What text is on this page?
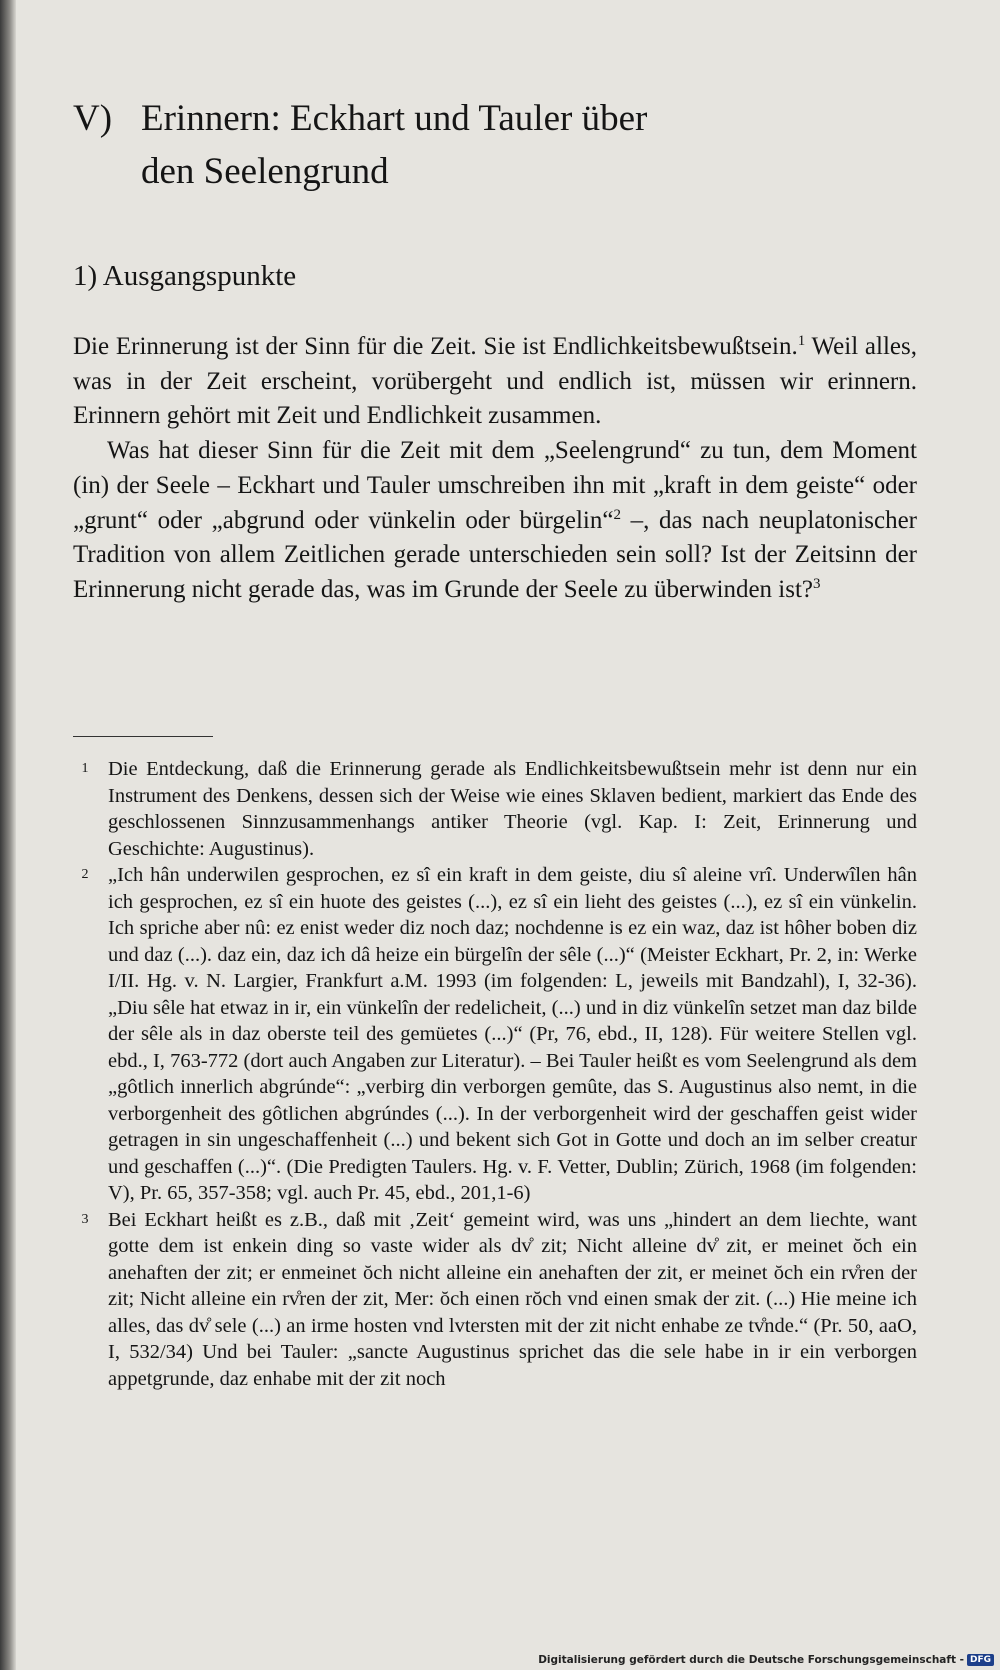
V) Erinnern: Eckhart und Tauler über
den Seelengrund
1) Ausgangspunkte

Die Erinnerung ist der Sinn für die Zeit. Sie ist Endlichkeitsbewußtsein.$^1$ Weil alles, was in der Zeit erscheint, vorübergeht und endlich ist, müssen wir erinnern. Erinnern gehört mit Zeit und Endlichkeit zusammen.

Was hat dieser Sinn für die Zeit mit dem „Seelengrund“ zu tun, dem Moment (in) der Seele – Eckhart und Tauler umschreiben ihn mit „kraft in dem geiste“ oder „grunt“ oder „abgrund oder vünkelin oder bürgelin“$^2$ –, das nach neuplatonischer Tradition von allem Zeitlichen gerade unterschieden sein soll? Ist der Zeitsinn der Erinnerung nicht gerade das, was im Grunde der Seele zu überwinden ist?$^3$

1 Die Entdeckung, daß die Erinnerung gerade als Endlichkeitsbewußtsein mehr ist denn nur ein Instrument des Denkens, dessen sich der Weise wie eines Sklaven bedient, markiert das Ende des geschlossenen Sinnzusammenhangs antiker Theorie (vgl. Kap. I: Zeit, Erinnerung und Geschichte: Augustinus).
2 „Ich hân underwilen gesprochen, ez sî ein kraft in dem geiste, diu sî aleine vrî. Underwîlen hân ich gesprochen, ez sî ein huote des geistes (...), ez sî ein lieht des geistes (...), ez sî ein vünkelin. Ich spriche aber nû: ez enist weder diz noch daz; nochdenne is ez ein waz, daz ist hôher boben diz und daz (...). daz ein, daz ich dâ heize ein bürgelîn der sêle (...)“ (Meister Eckhart, Pr. 2, in: Werke I/II. Hg. v. N. Largier, Frankfurt a.M. 1993 (im folgenden: L, jeweils mit Bandzahl), I, 32-36). „Diu sêle hat etwaz in ir, ein vünkelîn der redelicheit, (...) und in diz vünkelîn setzet man daz bilde der sêle als in daz oberste teil des gemüetes (...)“ (Pr, 76, ebd., II, 128). Für weitere Stellen vgl. ebd., I, 763-772 (dort auch Angaben zur Literatur). – Bei Tauler heißt es vom Seelengrund als dem „gôtlich innerlich abgrúnde“: „verbirg din verborgen gemûte, das S. Augustinus also nemt, in die verborgenheit des gôtlichen abgrúndes (...). In der verborgenheit wird der geschaffen geist wider getragen in sin ungeschaffenheit (...) und bekent sich Got in Gotte und doch an im selber creatur und geschaffen (...)“. (Die Predigten Taulers. Hg. v. F. Vetter, Dublin; Zürich, 1968 (im folgenden: V), Pr. 65, 357-358; vgl. auch Pr. 45, ebd., 201,1-6)
3 Bei Eckhart heißt es z.B., daß mit ‚Zeit‘ gemeint wird, was uns „hindert an dem liechte, want gotte dem ist enkein ding so vaste wider als dv̊ zit; Nicht alleine dv̊ zit, er meinet ŏch ein anehaften der zit; er enmeinet ŏch nicht alleine ein anehaften der zit, er meinet ŏch ein rv̊ren der zit; Nicht alleine ein rv̊ren der zit, Mer: ŏch einen rŏch vnd einen smak der zit. (...) Hie meine ich alles, das dv̊ sele (...) an irme hosten vnd lvtersten mit der zit nicht enhabe ze tv̊nde.“ (Pr. 50, aaO, I, 532/34) Und bei Tauler: „sancte Augustinus sprichet das die sele habe in ir ein verborgen appetgrunde, daz enhabe mit der zit noch
Digitalisierung gefördert durch die Deutsche Forschungsgemeinschaft - DFG
